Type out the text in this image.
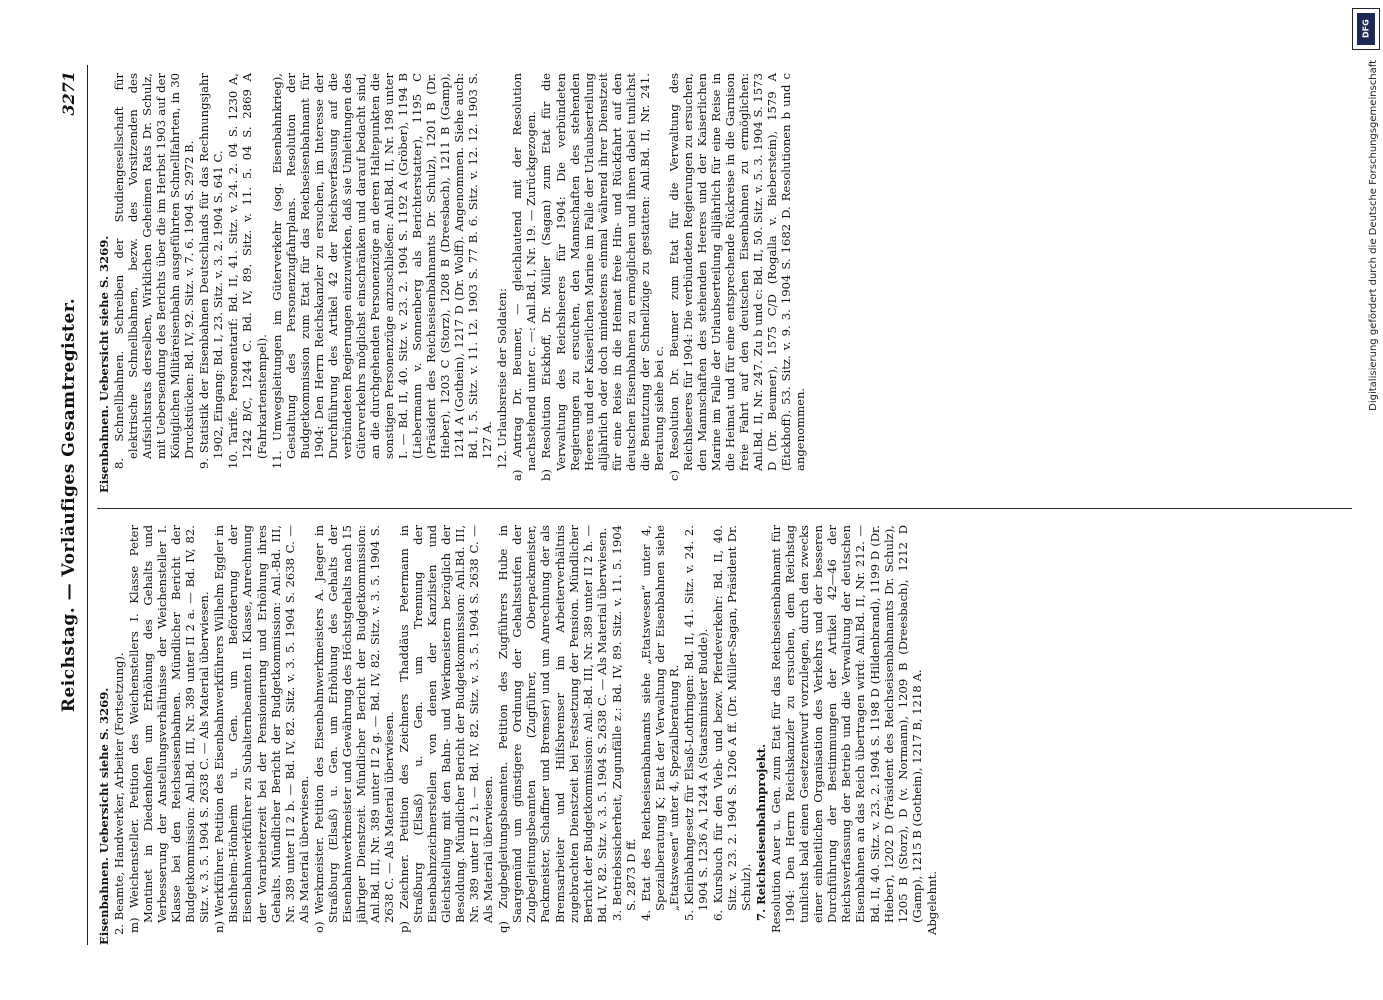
Reichstag. — Vorläufiges Gesamtregister.
3271

Eisenbahnen. Uebersicht siehe S. 3269. 2. Beamte, Handwerker, Arbeiter (Fortsetzung). m) Weichensteller. Petition des Weichenstellers I. Klasse Peter Montinet in Diedenhofen um Erhöhung des Gehalts und Verbesserung der Anstellungsverhältnisse der Weichensteller I. Klasse bei den Reichseisenbahnen. Mündlicher Bericht der Budgetkommission: Anl.Bd. III, Nr. 389 unter II 2 a. — Bd. IV, 82. Sitz. v. 3. 5. 1904 S. 2638 C. — Als Material überwiesen. n) Werkführer. Petition des Eisenbahnwerkführers Wilhelm Eggler in Bischheim-Hönheim u. Gen. um Beförderung der Eisenbahnwerkführer zu Subalternbeamten II. Klasse, Anrechnung der Vorarbeiterzeit bei der Pensionierung und Erhöhung ihres Gehalts. Mündlicher Bericht der Budgetkommission: Anl.-Bd. III, Nr. 389 unter II 2 b. — Bd. IV, 82. Sitz. v. 3. 5. 1904 S. 2638 C. — Als Material überwiesen. o) Werkmeister. Petition des Eisenbahnwerkmeisters A. Jaeger in Straßburg (Elsaß) u. Gen. um Erhöhung des Gehalts der Eisenbahnwerkmeister und Gewährung des Höchstgehalts nach 15 jähriger Dienstzeit. Mündlicher Bericht der Budgetkommission: Anl.Bd. III, Nr. 389 unter II 2 g. — Bd. IV, 82. Sitz. v. 3. 5. 1904 S. 2638 C. — Als Material überwiesen. p) Zeichner. Petition des Zeichners Thaddäus Petermann in Straßburg (Elsaß) u. Gen. um Trennung der Eisenbahnzeichnerstellen von denen der Kanzlisten und Gleichstellung mit den Bahn- und Werkmeistern bezüglich der Besoldung. Mündlicher Bericht der Budgetkommission: Anl.Bd. III, Nr. 389 unter II 2 i. — Bd. IV, 82. Sitz. v. 3. 5. 1904 S. 2638 C. — Als Material überwiesen. q) Zugbegleitungsbeamten. Petition des Zugführers Hube in Saargemünd um günstigere Ordnung der Gehaltsstufen der Zugbegleitungsbeamten (Zugführer, Oberpackmeister, Packmeister, Schaffner und Bremser) und um Anrechnung der als Bremsarbeiter und Hilfsbremser im Arbeiterverhältnis zugebrachten Dienstzeit bei Festsetzung der Pension. Mündlicher Bericht der Budgetkommission: Anl.-Bd. III, Nr. 389 unter II 2 h. — Bd. IV, 82. Sitz. v. 3. 5. 1904 S. 2638 C. — Als Material überwiesen. 3. Betriebssicherheit, Zugunfälle z.: Bd. IV, 89. Sitz. v. 11. 5. 1904 S. 2873 D ff. 4. Etat des Reichseisenbahnamts siehe „Etatswesen“ unter 4, Spezialberatung K; Etat der Verwaltung der Eisenbahnen siehe „Etatswesen“ unter 4, Spezialberatung R. 5. Kleinbahngesetz für Elsaß-Lothringen: Bd. II, 41. Sitz. v. 24. 2. 1904 S. 1236 A, 1244 A (Staatsminister Budde). 6. Kursbuch für den Vieh- und bezw. Pferdeverkehr: Bd. II, 40. Sitz. v. 23. 2. 1904 S. 1206 A ff. (Dr. Müller-Sagan, Präsident Dr. Schulz). 7. Reichseisenbahnprojekt. Resolution Auer u. Gen. zum Etat für das Reichseisenbahnamt für 1904: Den Herrn Reichskanzler zu ersuchen, dem Reichstag tunlichst bald einen Gesetzentwurf vorzulegen, durch den zwecks einer einheitlichen Organisation des Verkehrs und der besseren Durchführung der Bestimmungen der Artikel 42—46 der Reichsverfassung der Betrieb und die Verwaltung der deutschen Eisenbahnen an das Reich übertragen wird: Anl.Bd. II, Nr. 212. — Bd. II, 40. Sitz. v. 23. 2. 1904 S. 1198 D (Hildenbrand), 1199 D (Dr. Hieber), 1202 D (Präsident des Reichseisenbahnamts Dr. Schulz), 1205 B (Storz), D (v. Normann), 1209 B (Dreesbach), 1212 D (Gamp), 1215 B (Gothein), 1217 B, 1218 A. Abgelehnt.

Eisenbahnen. Uebersicht siehe S. 3269. 8. Schnellbahnen. Schreiben der Studiengesellschaft für elektrische Schnellbahnen, bezw. des Vorsitzenden des Aufsichtsrats derselben, Wirklichen Geheimen Rats Dr. Schulz, mit Uebersendung des Berichts über die im Herbst 1903 auf der Königlichen Militäreisenbahn ausgeführten Schnellfahrten, in 30 Druckstücken: Bd. IV, 92. Sitz. v. 7. 6. 1904 S. 2972 B. 9. Statistik der Eisenbahnen Deutschlands für das Rechnungsjahr 1902, Eingang: Bd. I, 23. Sitz. v. 3. 2. 1904 S. 641 C. 10. Tarife. Personentarif: Bd. II, 41. Sitz. v. 24. 2. 04 S. 1230 A, 1242 B/C, 1244 C. Bd. IV, 89. Sitz. v. 11. 5. 04 S. 2869 A (Fahrkartenstempel). 11. Umwegsleitungen im Güterverkehr (sog. Eisenbahnkrieg), Gestaltung des Personenzugfahrplans. Resolution der Budgetkommission zum Etat für das Reichseisenbahnamt für 1904: Den Herrn Reichskanzler zu ersuchen, im Interesse der Durchführung des Artikel 42 der Reichsverfassung auf die verbündeten Regierungen einzuwirken, daß sie Umleitungen des Güterverkehrs möglichst einschränken und darauf bedacht sind, an die durchgehenden Personenzüge an deren Haltepunkten die sonstigen Personenzüge anzuschließen: Anl.Bd. II, Nr. 198 unter I. — Bd. II, 40. Sitz. v. 23. 2. 1904 S. 1192 A (Gröber), 1194 B (Liebermann v. Sonnenberg als Berichterstatter), 1195 C (Präsident des Reichseisenbahnamts Dr. Schulz), 1201 B (Dr. Hieber), 1203 C (Storz), 1208 B (Dreesbach), 1211 B (Gamp), 1214 A (Gothein), 1217 D (Dr. Wolff). Angenommen. Siehe auch: Bd. I, 5. Sitz. v. 11. 12. 1903 S. 77 B. 6. Sitz. v. 12. 12. 1903 S. 127 A. 12. Urlaubsreise der Soldaten: a) Antrag Dr. Beumer, — gleichlautend mit der Resolution nachstehend unter c. —: Anl.Bd. I, Nr. 19. — Zurückgezogen. b) Resolution Eickhoff, Dr. Müller (Sagan) zum Etat für die Verwaltung des Reichsheeres für 1904: Die verbündeten Regierungen zu ersuchen, den Mannschaften des stehenden Heeres und der Kaiserlichen Marine im Falle der Urlaubserteilung alljährlich oder doch mindestens einmal während ihrer Dienstzeit für eine Reise in die Heimat freie Hin- und Rückfahrt auf den deutschen Eisenbahnen zu ermöglichen und ihnen dabei tunlichst die Benutzung der Schnellzüge zu gestatten: Anl.Bd. II, Nr. 241. Beratung siehe bei c. c) Resolution Dr. Beumer zum Etat für die Verwaltung des Reichsheeres für 1904: Die verbündeten Regierungen zu ersuchen, den Mannschaften des stehenden Heeres und der Kaiserlichen Marine im Falle der Urlaubserteilung alljährlich für eine Reise in die Heimat und für eine entsprechende Rückreise in die Garnison freie Fahrt auf den deutschen Eisenbahnen zu ermöglichen: Anl.Bd. II, Nr. 247. Zu b und c: Bd. II, 50. Sitz. v. 5. 3. 1904 S. 1573 D (Dr. Beumer), 1575 C/D (Rogalla v. Bieberstein), 1579 A (Eickhoff). 53. Sitz. v. 9. 3. 1904 S. 1682 D. Resolutionen b und c angenommen.

DFG
Digitalisierung gefördert durch die Deutsche Forschungsgemeinschaft
